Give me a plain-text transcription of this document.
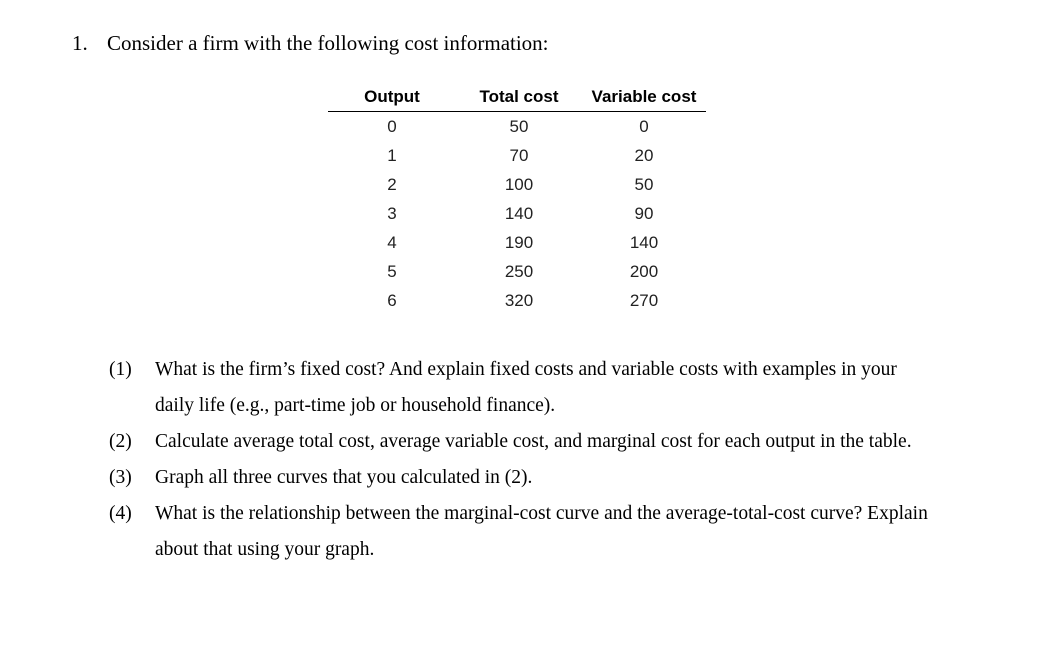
1. Consider a firm with the following cost information:
Output	Total cost	Variable cost
0	50	0
1	70	20
2	100	50
3	140	90
4	190	140
5	250	200
6	320	270
(1)	What is the firm’s fixed cost? And explain fixed costs and variable costs with examples in your daily life (e.g., part-time job or household finance).
(2)	Calculate average total cost, average variable cost, and marginal cost for each output in the table.
(3)	Graph all three curves that you calculated in (2).
(4)	What is the relationship between the marginal-cost curve and the average-total-cost curve? Explain about that using your graph.
